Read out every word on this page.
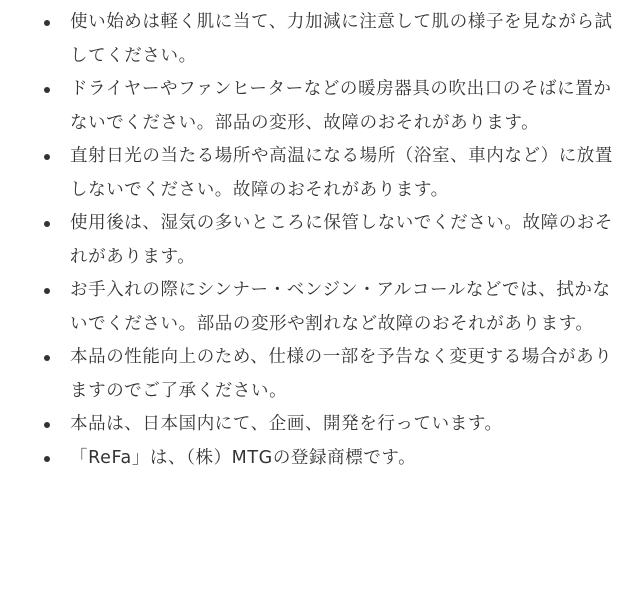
使い始めは軽く肌に当て、力加減に注意して肌の様子を見ながら試してください。
ドライヤーやファンヒーターなどの暖房器具の吹出口のそばに置かないでください。部品の変形、故障のおそれがあります。
直射日光の当たる場所や高温になる場所（浴室、車内など）に放置しないでください。故障のおそれがあります。
使用後は、湿気の多いところに保管しないでください。故障のおそれがあります。
お手入れの際にシンナー・ベンジン・アルコールなどでは、拭かないでください。部品の変形や割れなど故障のおそれがあります。
本品の性能向上のため、仕様の一部を予告なく変更する場合がありますのでご了承ください。
本品は、日本国内にて、企画、開発を行っています。
「ReFa」は、（株）MTGの登録商標です。
